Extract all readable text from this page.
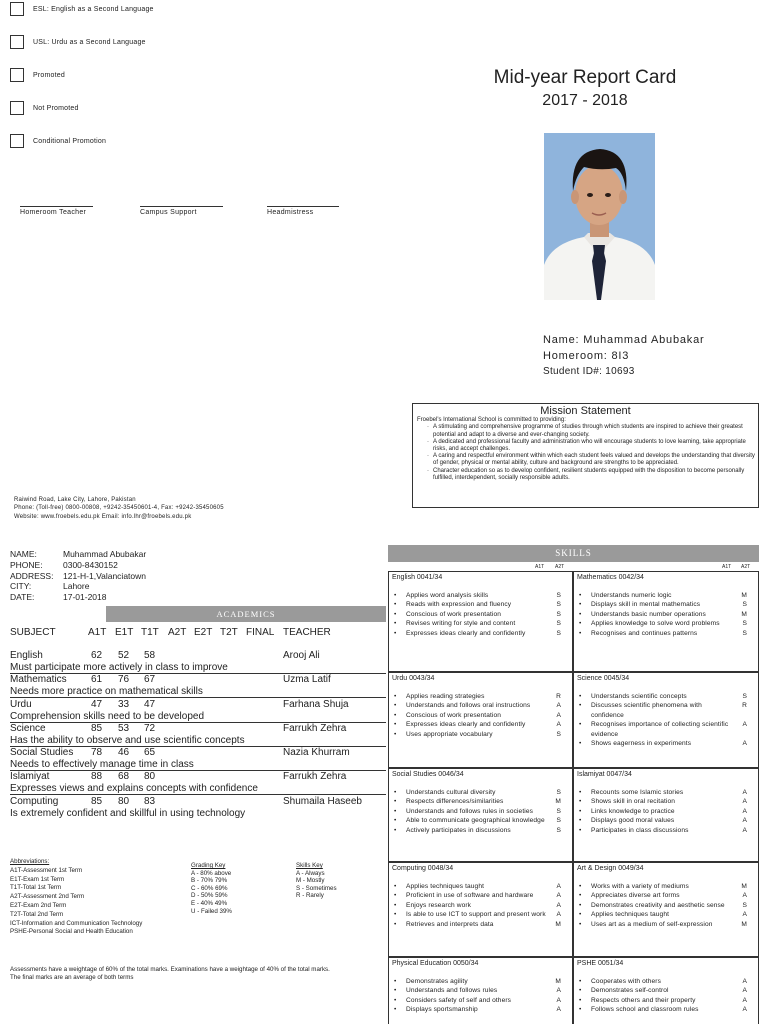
ESL: English as a Second Language
USL: Urdu as a Second Language
Promoted
Not Promoted
Conditional Promotion
Homeroom Teacher	Campus Support	Headmistress
Mid-year Report Card
2017 - 2018
Name: Muhammad Abubakar
Homeroom: 8I3
Student ID#: 10693
Mission Statement
Froebel's International School is committed to providing:
· A stimulating and comprehensive programme of studies through which students are inspired to achieve their greatest potential and adapt to a diverse and ever-changing society.
· A dedicated and professional faculty and administration who will encourage students to love learning, take appropriate risks, and accept challenges.
· A caring and respectful environment within which each student feels valued and develops the understanding that diversity of gender, physical or mental ability, culture and background are strengths to be appreciated.
· Character education so as to develop confident, resilient students equipped with the disposition to become personally fulfilled, interdependent, socially responsible adults.
Raiwind Road, Lake City, Lahore, Pakistan
Phone: (Toll-free) 0800-00808, +9242-35450601-4, Fax: +9242-35450605
Website: www.froebels.edu.pk Email: info.lhr@froebels.edu.pk
NAME:	Muhammad Abubakar
PHONE:	0300-8430152
ADDRESS:	121-H-1,Valanciatown
CITY:	Lahore
DATE:	17-01-2018
ACADEMICS
SUBJECT	A1T E1T T1T A2T E2T T2T FINAL TEACHER
English	62 52 58	Arooj Ali
Must participate more actively in class to improve
Mathematics 61 76 67	Uzma Latif
Needs more practice on mathematical skills
Urdu	47 33 47	Farhana Shuja
Comprehension skills need to be developed
Science	85 53 72	Farrukh Zehra
Has the ability to observe and use scientific concepts
Social Studies 78 46 65	Nazia Khurram
Needs to effectively manage time in class
Islamiyat	88 68 80	Farrukh Zehra
Expresses views and explains concepts with confidence
Computing	85 80 83	Shumaila Haseeb
Is extremely confident and skillful in using technology
Abbreviations:
A1T-Assessment 1st Term
E1T-Exam 1st Term
T1T-Total 1st Term
A2T-Assessment 2nd Term
E2T-Exam 2nd Term
T2T-Total 2nd Term
ICT-Information and Communication Technology
PSHE-Personal Social and Health Education
Grading Key
A - 80% above
B - 70% 79%
C - 60% 69%
D - 50% 59%
E - 40% 49%
U - Failed 39%
Skills Key
A - Always
M - Mostly
S - Sometimes
R - Rarely
Assessments have a weightage of 60% of the total marks. Examinations have a weightage of 40% of the total marks.
The final marks are an average of both terms
SKILLS
A1T A2T	A1T A2T
English 0041/34
• Applies word analysis skills	S
• Reads with expression and fluency	S
• Conscious of work presentation	S
• Revises writing for style and content	S
• Expresses ideas clearly and confidently	S
Mathematics 0042/34
• Understands numeric logic	M
• Displays skill in mental mathematics	S
• Understands basic number operations	M
• Applies knowledge to solve word problems	S
• Recognises and continues patterns	S
Urdu 0043/34
• Applies reading strategies	R
• Understands and follows oral instructions	A
• Conscious of work presentation	A
• Expresses ideas clearly and confidently	A
• Uses appropriate vocabulary	S
Science 0045/34
• Understands scientific concepts	S
• Discusses scientific phenomena with confidence
R
• Recognises importance of collecting scientific evidence
A
• Shows eagerness in experiments	A
Social Studies 0046/34
• Understands cultural diversity	S
• Respects differences/similarities	M
• Understands and follows rules in societies	S
• Able to communicate geographical knowledge S
• Actively participates in discussions	S
Islamiyat 0047/34
• Recounts some Islamic stories	A
• Shows skill in oral recitation	A
• Links knowledge to practice	A
• Displays good moral values	A
• Participates in class discussions	A
Computing 0048/34
• Applies techniques taught	A
• Proficient in use of software and hardware	A
• Enjoys research work	A
• Is able to use ICT to support and present work A
• Retrieves and interprets data	M
Art & Design 0049/34
• Works with a variety of mediums	M
• Appreciates diverse art forms	A
• Demonstrates creativity and aesthetic sense	S
• Applies techniques taught	A
• Uses art as a medium of self-expression	M
Physical Education 0050/34
• Demonstrates agility	M
• Understands and follows rules	A
• Considers safety of self and others	A
• Displays sportsmanship	A
PSHE 0051/34
• Cooperates with others	A
• Demonstrates self-control	A
• Respects others and their property	A
• Follows school and classroom rules	A
